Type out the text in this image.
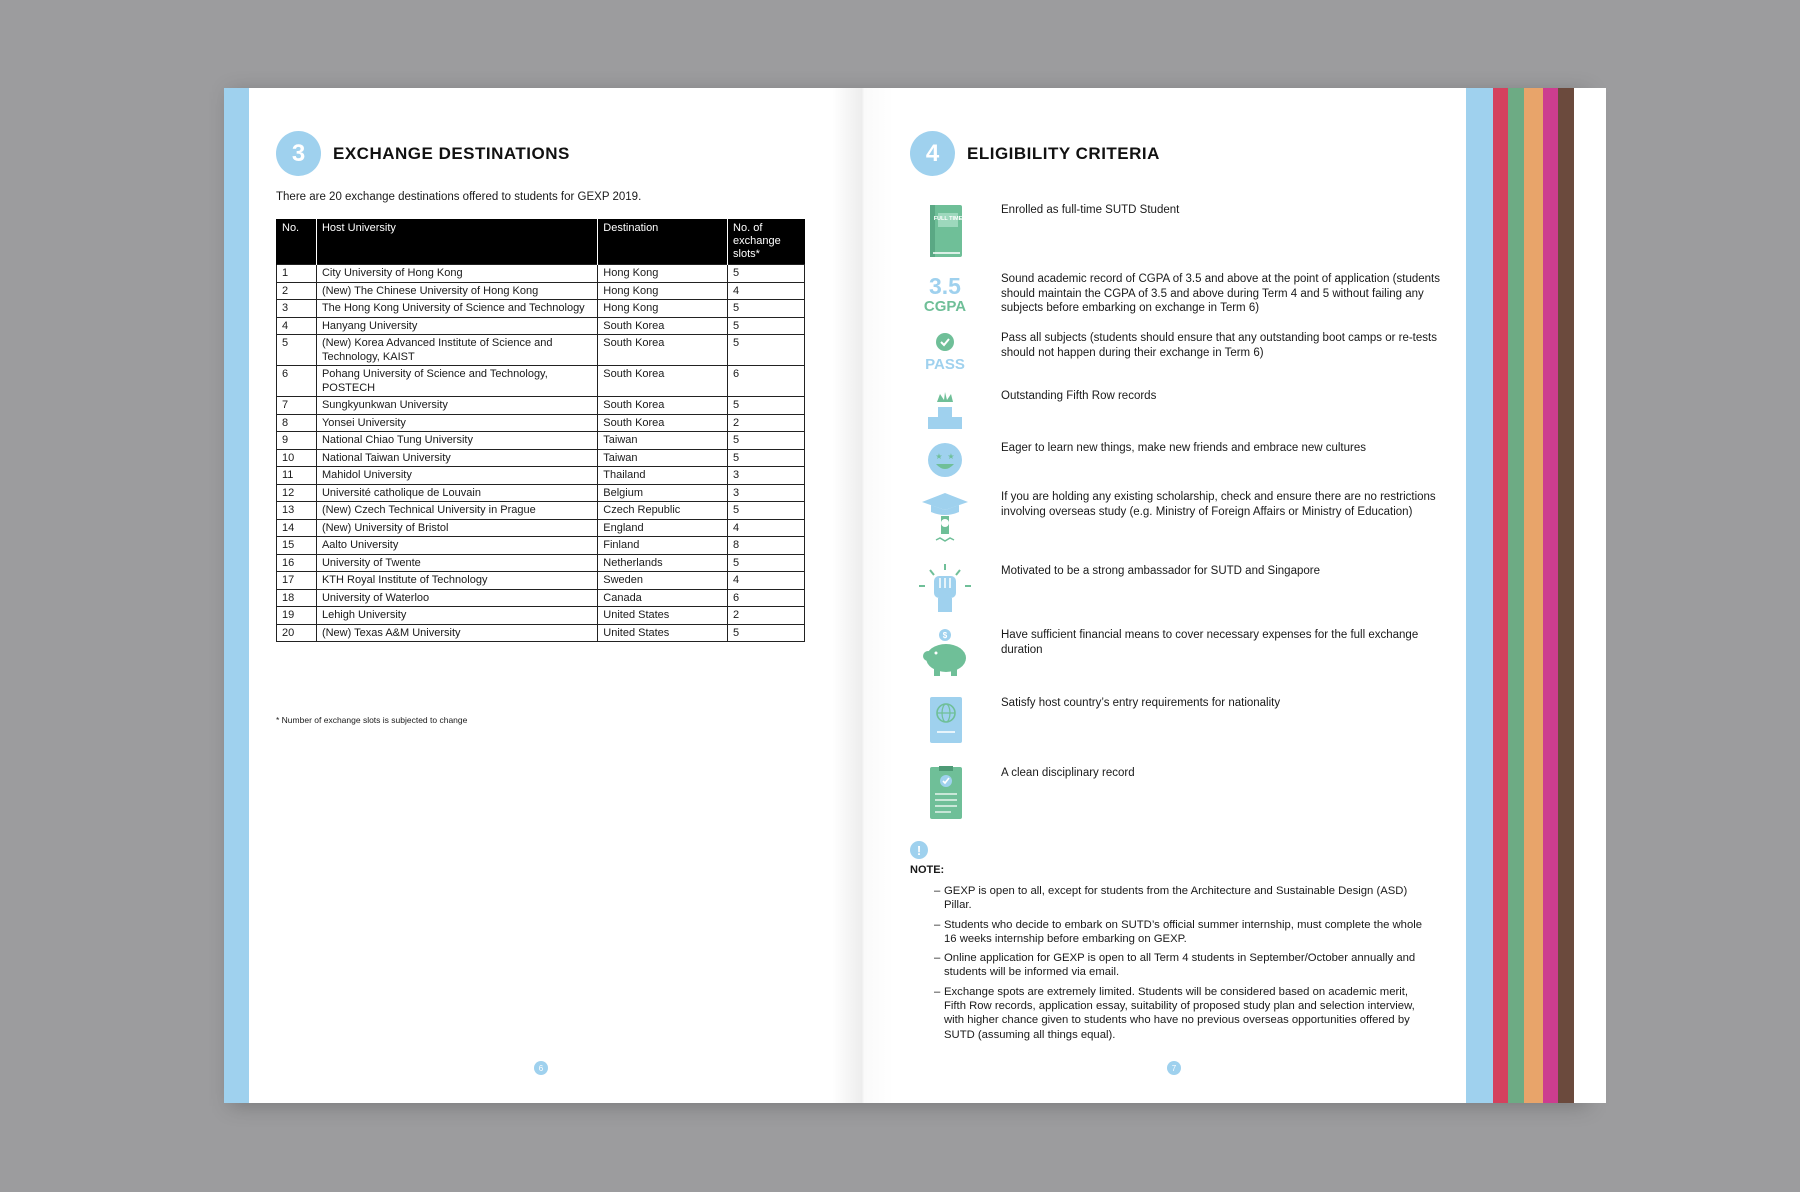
3	EXCHANGE DESTINATIONS
There are 20 exchange destinations offered to students for GEXP 2019.
No.	Host University	Destination	No. of exchange slots*
1	City University of Hong Kong	Hong Kong	5
2	(New) The Chinese University of Hong Kong	Hong Kong	4
3	The Hong Kong University of Science and Technology	Hong Kong	5
4	Hanyang University	South Korea	5
5	(New) Korea Advanced Institute of Science and Technology, KAIST	South Korea	5
6	Pohang University of Science and Technology, POSTECH	South Korea	6
7	Sungkyunkwan University	South Korea	5
8	Yonsei University	South Korea	2
9	National Chiao Tung University	Taiwan	5
10	National Taiwan University	Taiwan	5
11	Mahidol University	Thailand	3
12	Université catholique de Louvain	Belgium	3
13	(New) Czech Technical University in Prague	Czech Republic	5
14	(New) University of Bristol	England	4
15	Aalto University	Finland	8
16	University of Twente	Netherlands	5
17	KTH Royal Institute of Technology	Sweden	4
18	University of Waterloo	Canada	6
19	Lehigh University	United States	2
20	(New) Texas A&M University	United States	5
* Number of exchange slots is subjected to change
6
4	ELIGIBILITY CRITERIA
FULL TIME
Enrolled as full-time SUTD Student
3.5
CGPA
Sound academic record of CGPA of 3.5 and above at the point of application (students should maintain the CGPA of 3.5 and above during Term 4 and 5 without failing any subjects before embarking on exchange in Term 6)
PASS
Pass all subjects (students should ensure that any outstanding boot camps or re-tests should not happen during their exchange in Term 6)
Outstanding Fifth Row records
★ ★
Eager to learn new things, make new friends and embrace new cultures
If you are holding any existing scholarship, check and ensure there are no restrictions involving overseas study (e.g. Ministry of Foreign Affairs or Ministry of Education)
Motivated to be a strong ambassador for SUTD and Singapore
$	Have sufficient financial means to cover necessary expenses for the full exchange duration
Satisfy host country’s entry requirements for nationality
A clean disciplinary record
!
NOTE:
– GEXP is open to all, except for students from the Architecture and Sustainable Design (ASD) Pillar.
– Students who decide to embark on SUTD’s official summer internship, must complete the whole 16 weeks internship before embarking on GEXP.
– Online application for GEXP is open to all Term 4 students in September/October annually and students will be informed via email.
– Exchange spots are extremely limited. Students will be considered based on academic merit, Fifth Row records, application essay, suitability of proposed study plan and selection interview, with higher chance given to students who have no previous overseas opportunities offered by SUTD (assuming all things equal).
7
